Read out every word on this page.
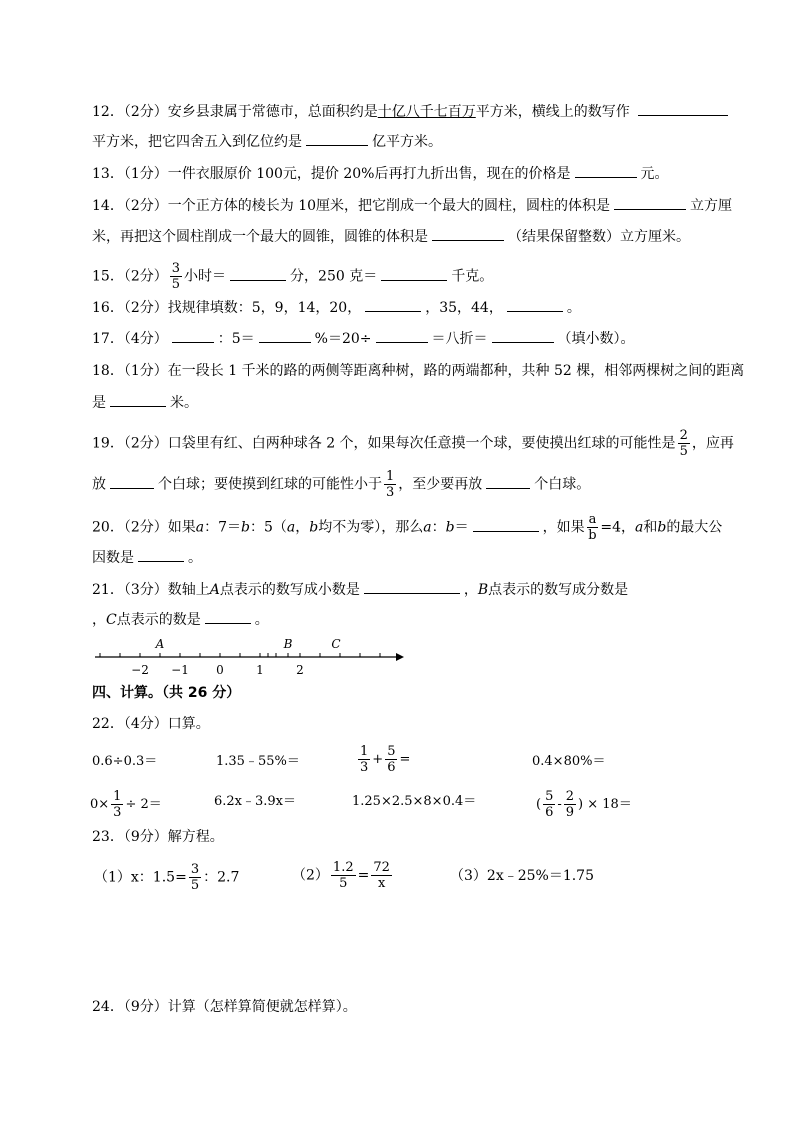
12．（2分）安乡县隶属于常德市，总面积约是十亿八千七百万平方米，横线上的数写作
平方米，把它四舍五入到亿位约是	亿平方米。
13．（1分）一件衣服原价 100元，提价 20%后再打九折出售，现在的价格是	元。
14．（2分）一个正方体的棱长为 10厘米，把它削成一个最大的圆柱，圆柱的体积是	立方厘
米，再把这个圆柱削成一个最大的圆锥，圆锥的体积是	（结果保留整数）立方厘米。
15．（2分） $\frac{3}{5}$ 小时＝	分，250 克＝	千克。
16．（2分）找规律填数：5，9，14，20，	，35，44，	。
17．（4分）	：5＝	%＝20÷	＝八折＝	（填小数）。
18．（1分）在一段长 1 千米的路的两侧等距离种树，路的两端都种，共种 52 棵，相邻两棵树之间的距离
是	米。
19．（2分）口袋里有红、白两种球各 2 个，如果每次任意摸一个球，要使摸出红球的可能性是 $\frac{2}{5}$ ，应再
放	个白球；要使摸到红球的可能性小于 $\frac{1}{3}$ ，至少要再放	个白球。
20．（2分）如果a：7＝b：5（a，b均不为零），那么a：b＝	，如果 $\frac{a}{b} =4$，a和b的最大公
因数是	。
21．（3分）数轴上A点表示的数写成小数是	，B点表示的数写成分数是
，C点表示的数是	。
−2 −1 0	1	2
A	B	C
四、计算。（共 26 分）
22．（4分）口算。
0.6÷0.3＝	1.35﹣55%＝	$\frac{1}{3} + \frac{5}{6}$ =	0.4×80%＝
$0\times \frac{1}{3} \div 2=$	6.2x﹣3.9x＝	1.25×2.5×8×0.4＝	( $\frac{5}{6} - \frac{2}{9}$ ) × 18＝
23．（9分）解方程。
（1）x：$1.5= \frac{3}{5}$ ：2.7	$(2) \frac{1.2}{5} = \frac{72}{x}$	（3）2x﹣25%＝1.75
24．（9分）计算（怎样算简便就怎样算）。
